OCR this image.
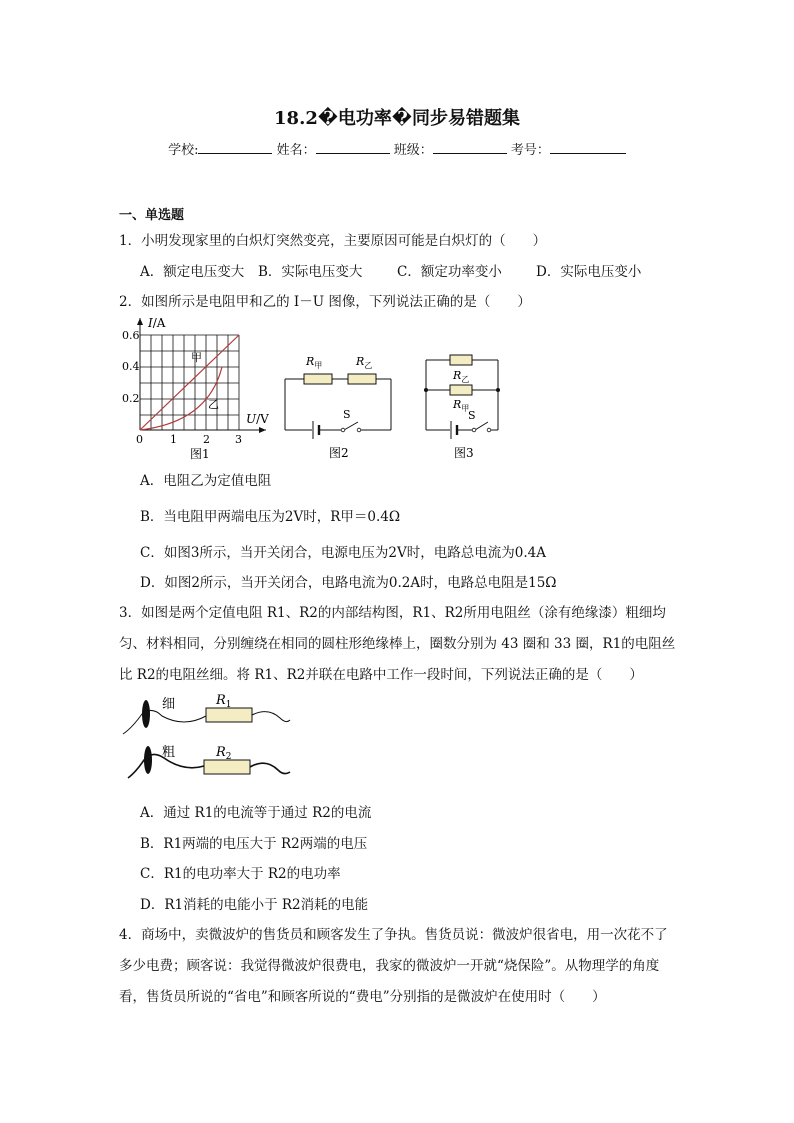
18.2�电功率�同步易错题集
学校:	姓名：	班级：	考号：
一、单选题
1．小明发现家里的白炽灯突然变亮，主要原因可能是白炽灯的（　　）
A．额定电压变大 B．实际电压变大	C．额定功率变小	D．实际电压变小
2．如图所示是电阻甲和乙的 I－U 图像，下列说法正确的是（　　）
I/A
U/V
0.6
0.4
0.2
0 1 2 3
甲
乙
图1
$R_甲$	$R_乙$
S
图2
$R_乙$
$R_甲$
S
图3
A．电阻乙为定值电阻
B．当电阻甲两端电压为2V时，R甲＝0.4Ω
C．如图3所示，当开关闭合，电源电压为2V时，电路总电流为0.4A
D．如图2所示，当开关闭合，电路电流为0.2A时，电路总电阻是15Ω
3．如图是两个定值电阻 R1、R2的内部结构图，R1、R2所用电阻丝（涂有绝缘漆）粗细均匀、材料相同，分别缠绕在相同的圆柱形绝缘棒上，圈数分别为 43 圈和 33 圈，R1的电阻丝比 R2的电阻丝细。将 R1、R2并联在电路中工作一段时间，下列说法正确的是（　　）
细	$R_1$
粗	$R_2$
A．通过 R1的电流等于通过 R2的电流
B．R1两端的电压大于 R2两端的电压
C．R1的电功率大于 R2的电功率
D．R1消耗的电能小于 R2消耗的电能
4．商场中，卖微波炉的售货员和顾客发生了争执。售货员说：微波炉很省电，用一次花不了多少电费；顾客说：我觉得微波炉很费电，我家的微波炉一开就“烧保险”。从物理学的角度看，售货员所说的“省电”和顾客所说的“费电”分别指的是微波炉在使用时（　　）
